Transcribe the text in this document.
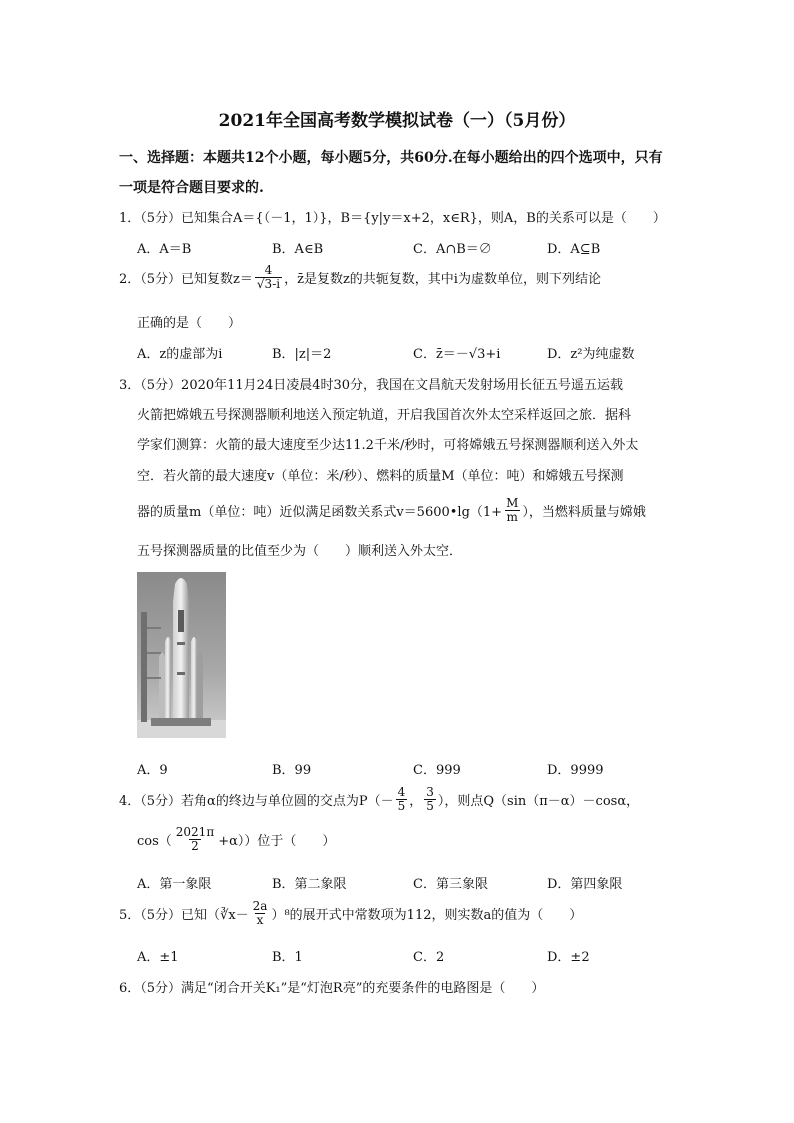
2021年全国高考数学模拟试卷（一）（5月份）
一、选择题：本题共12个小题，每小题5分，共60分.在每小题给出的四个选项中，只有
一项是符合题目要求的.
1．（5分）已知集合A＝{（－1，1）}，B＝{y|y＝x+2，x∈R}，则A，B的关系可以是（　　）
A．A＝B	B．A∈B	C．A∩B＝∅	D．A⊆B
2．（5分）已知复数$z= \frac{4}{√3-i}$ ，z̄是复数z的共轭复数，其中i为虚数单位，则下列结论
正确的是（　　）
A．z的虚部为i	B．|z|＝2	C．z̄＝－√3+i	D．z²为纯虚数
3．（5分）2020年11月24日凌晨4时30分，我国在文昌航天发射场用长征五号遥五运载
火箭把嫦娥五号探测器顺利地送入预定轨道，开启我国首次外太空采样返回之旅．据科
学家们测算：火箭的最大速度至少达11.2千米/秒时，可将嫦娥五号探测器顺利送入外太
空．若火箭的最大速度v（单位：米/秒）、燃料的质量M（单位：吨）和嫦娥五号探测
器的质量m（单位：吨）近似满足函数关系式v＝5600•lg（1+ $\frac{M}{m}$ ），当燃料质量与嫦娥
五号探测器质量的比值至少为（　　）顺利送入外太空．
A．9	B．99	C．999	D．9999
4．（5分）若角α的终边与单位圆的交点为$P(- \frac{4}{5}$ ， $\frac{3}{5}$ ），则点Q（sin（π－α）－cosα，
$\cos( \frac{2021\pi}{2} +\alpha)$）位于（　　）
A．第一象限	B．第二象限	C．第三象限	D．第四象限
5．（5分）已知（∛x－ $\frac{2a}{x} )^8$的展开式中常数项为112，则实数a的值为（　　）
A．±1	B．1	C．2	D．±2
6．（5分）满足“闭合开关K₁”是“灯泡R亮”的充要条件的电路图是（　　）
